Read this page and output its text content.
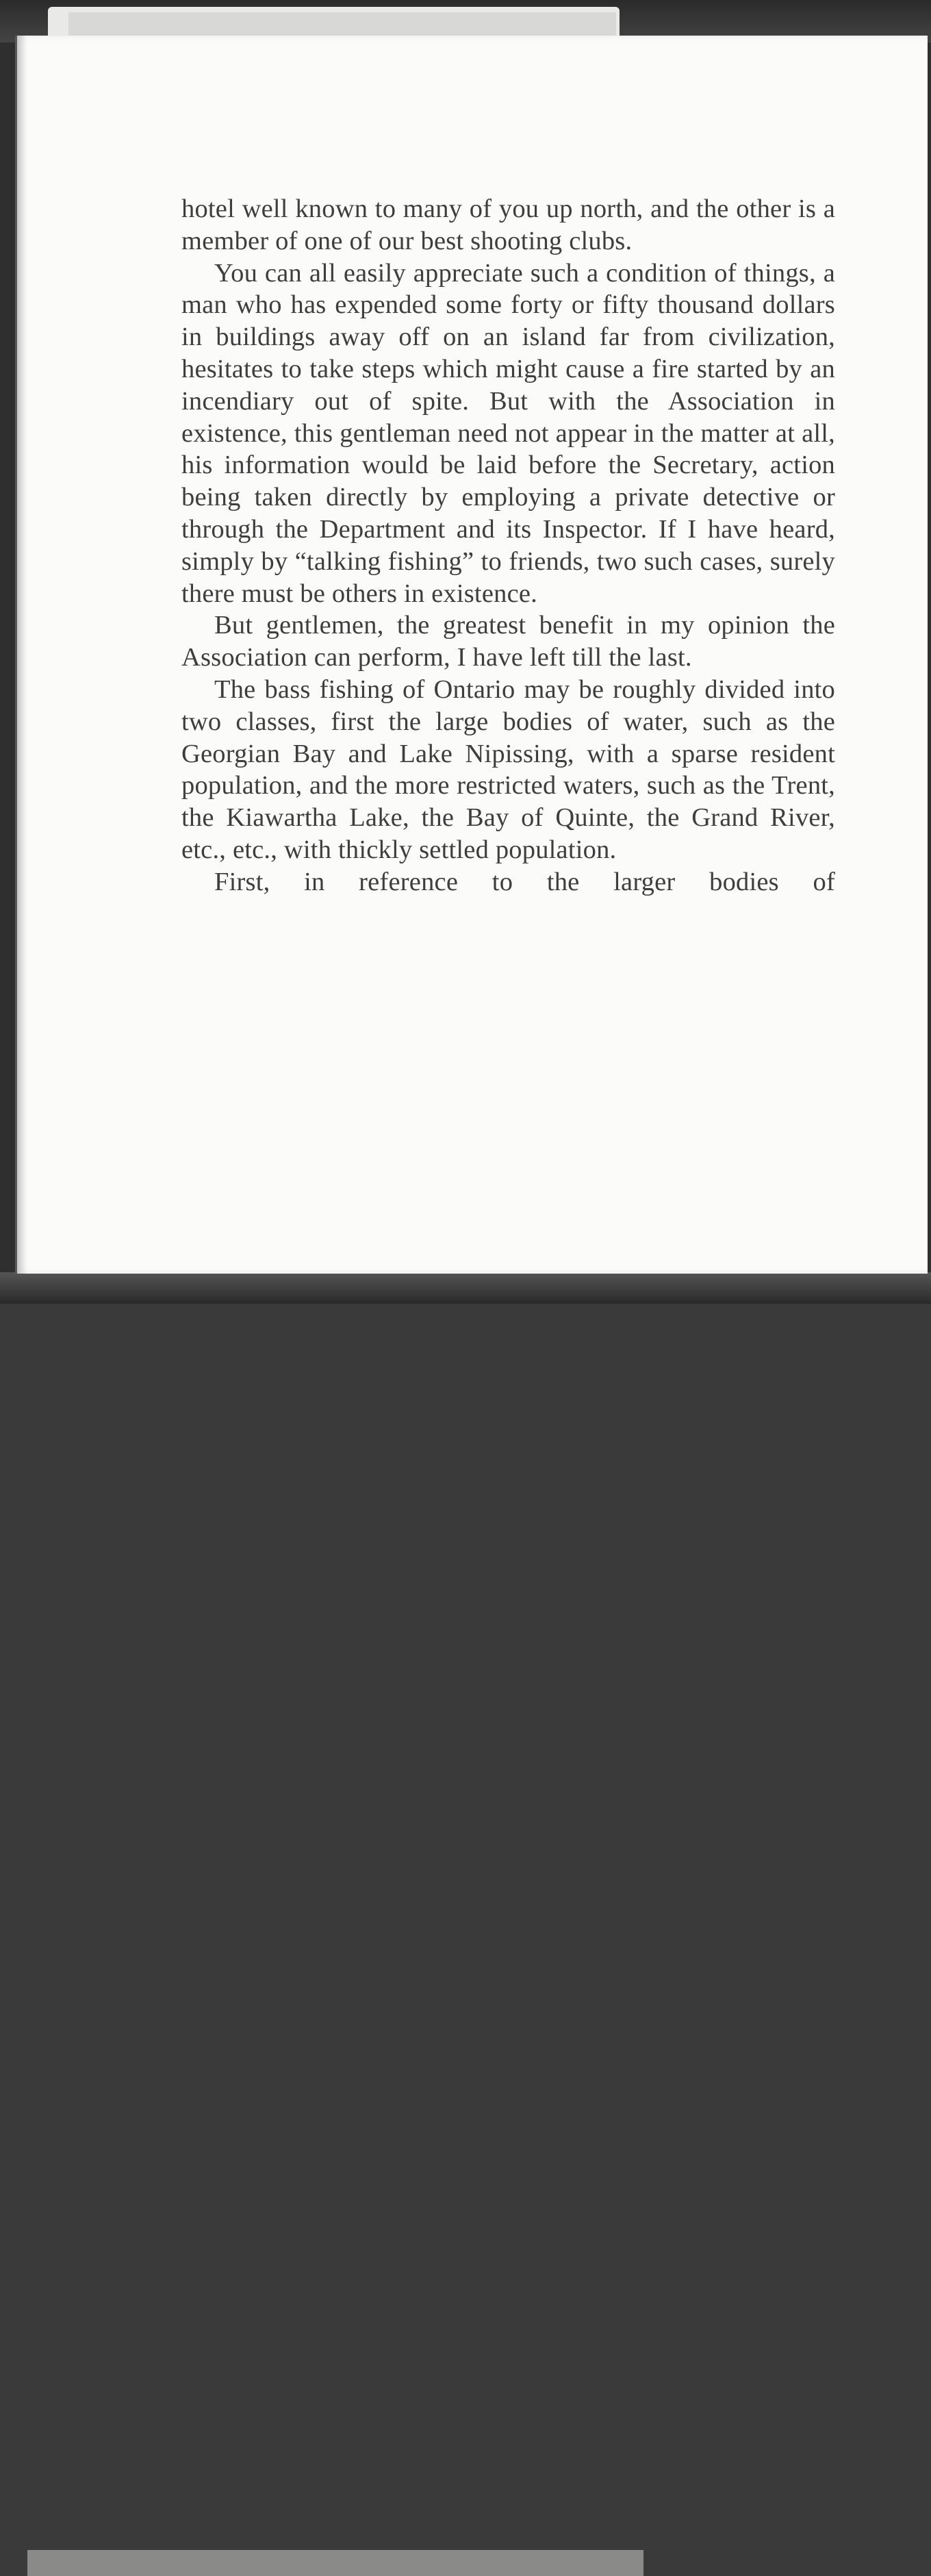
hotel well known to many of you up north, and the other is a member of one of our best shooting clubs.

You can all easily appreciate such a condition of things, a man who has expended some forty or fifty thousand dollars in buildings away off on an island far from civilization, hesitates to take steps which might cause a fire started by an incendiary out of spite. But with the Association in existence, this gentleman need not appear in the matter at all, his information would be laid before the Secretary, action being taken directly by employing a private detective or through the Department and its Inspector. If I have heard, simply by “talking fishing” to friends, two such cases, surely there must be others in existence.

But gentlemen, the greatest benefit in my opinion the Association can perform, I have left till the last.

The bass fishing of Ontario may be roughly divided into two classes, first the large bodies of water, such as the Georgian Bay and Lake Nipissing, with a sparse resident population, and the more restricted waters, such as the Trent, the Kiawartha Lake, the Bay of Quinte, the Grand River, etc., etc., with thickly settled population.

First, in reference to the larger bodies of
